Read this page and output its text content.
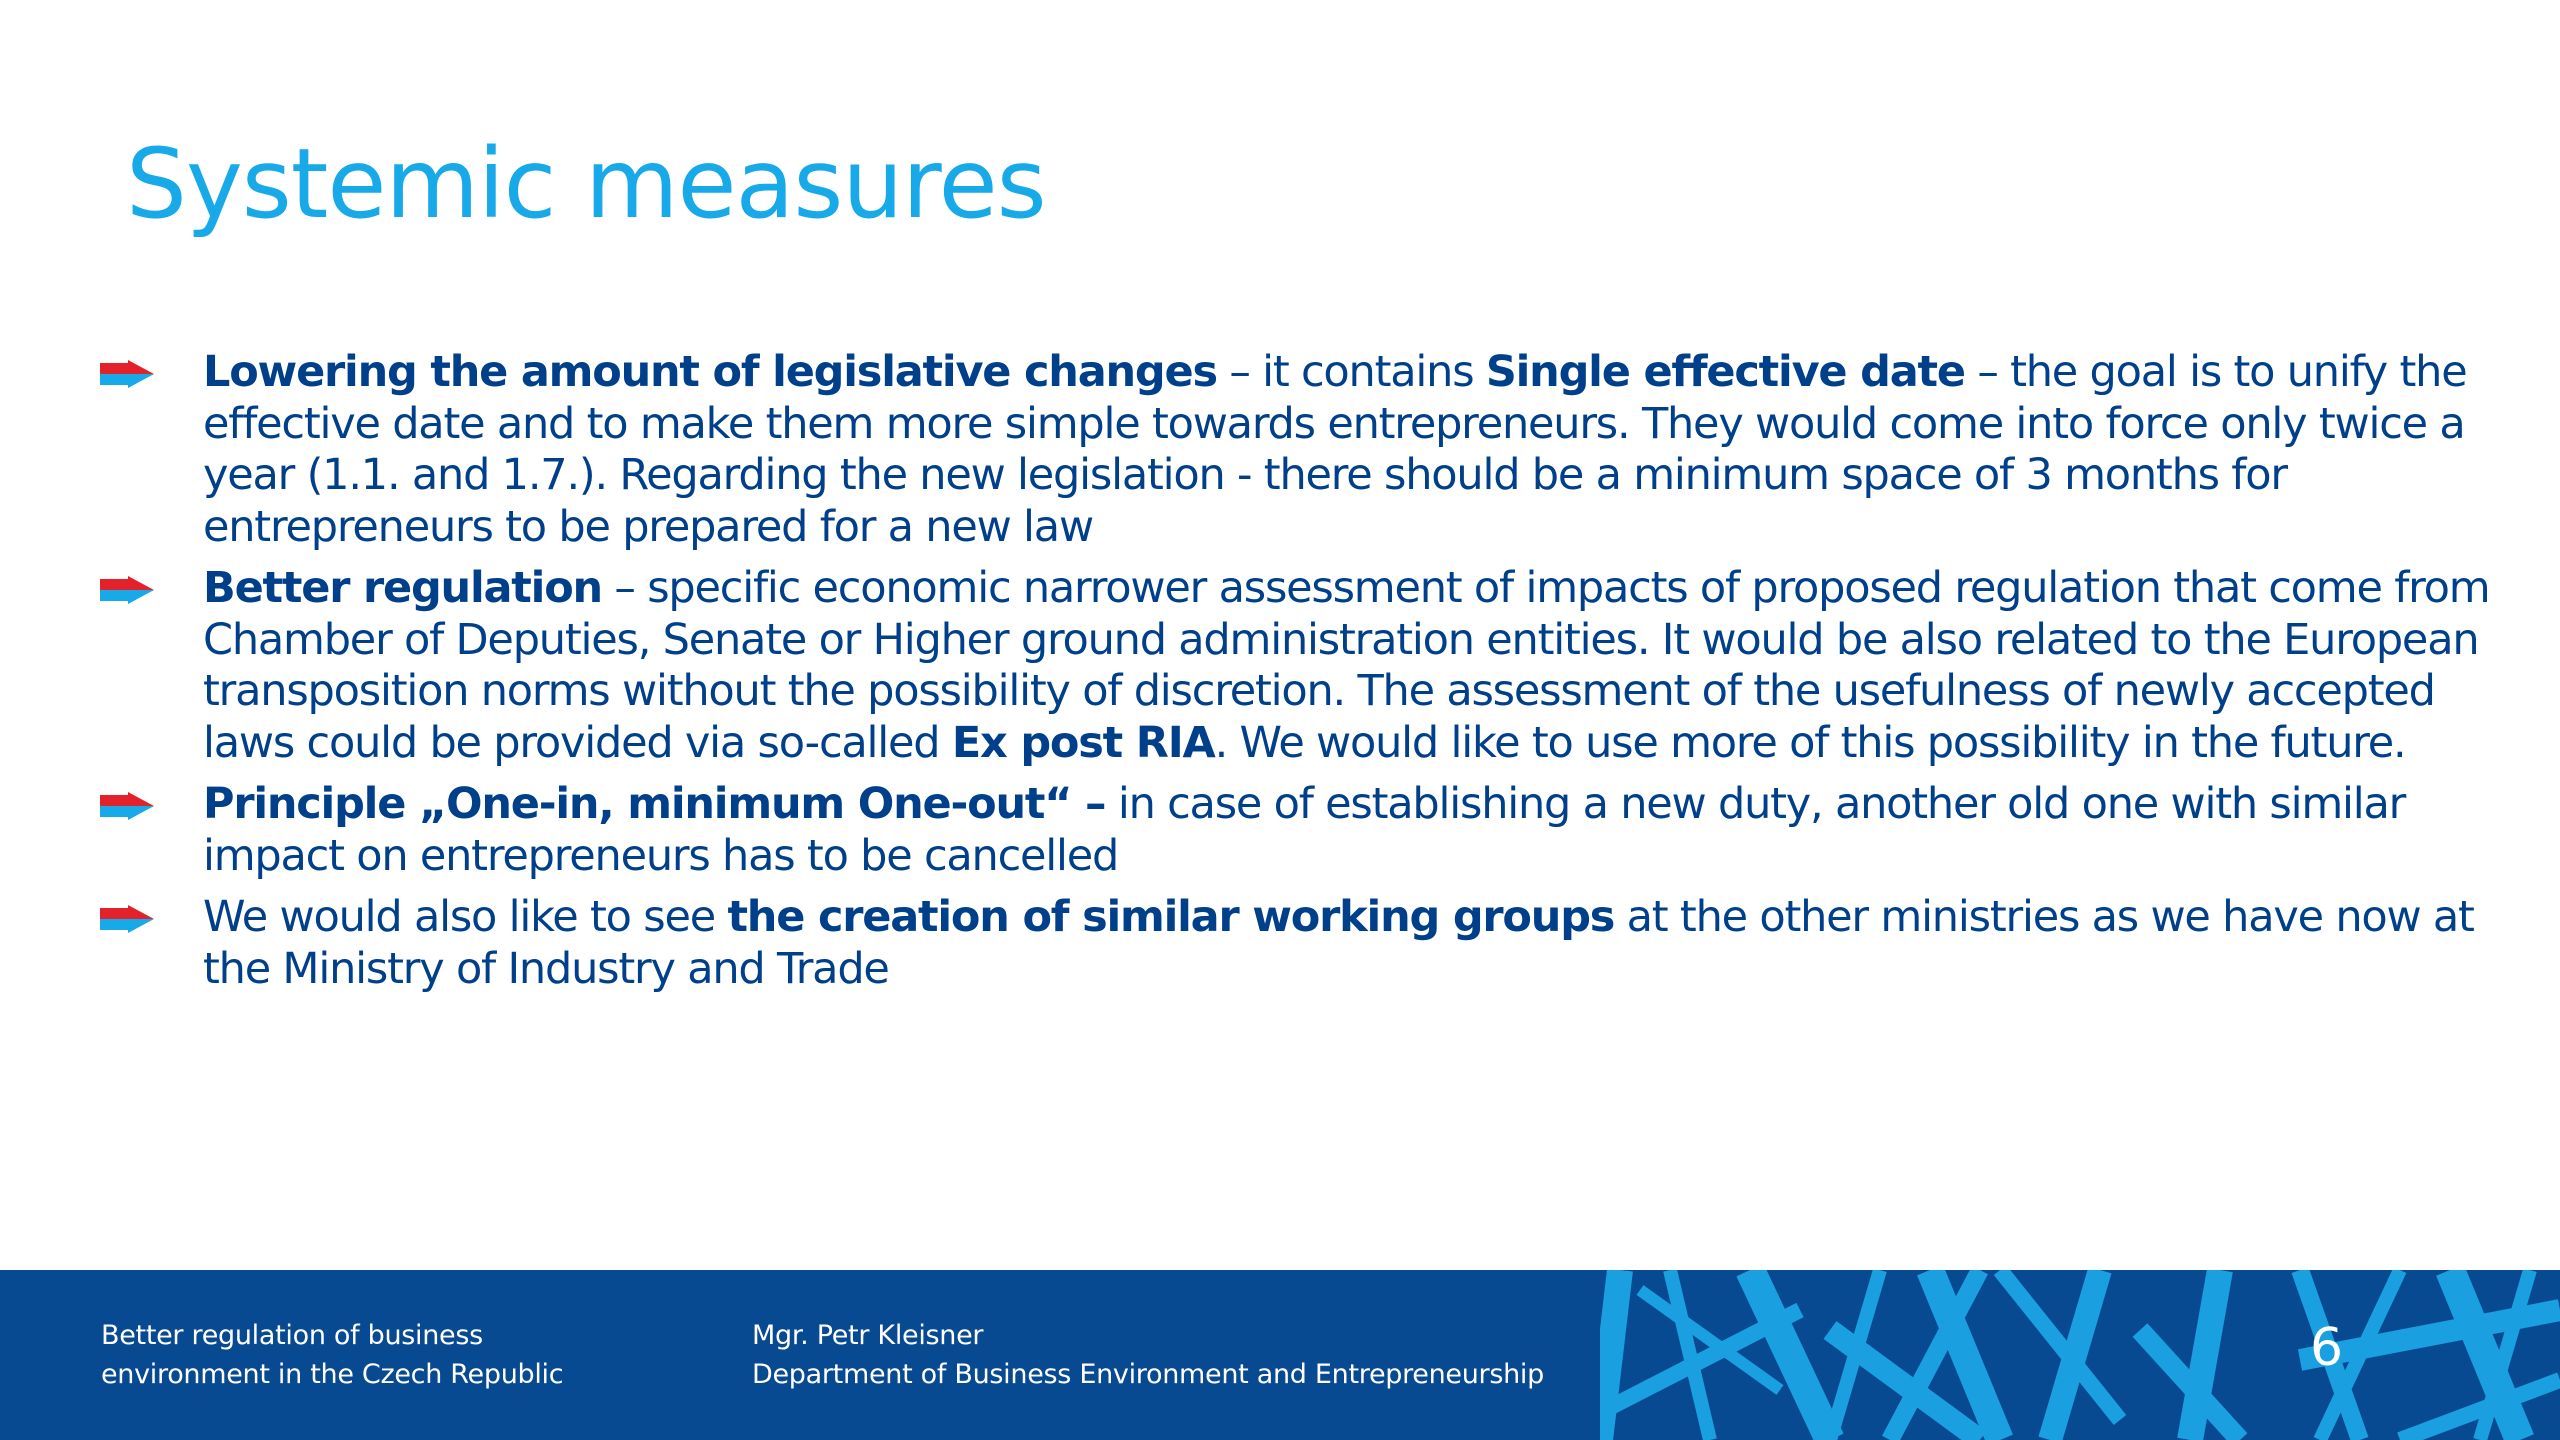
Systemic measures
Lowering the amount of legislative changes – it contains Single effective date – the goal is to unify the effective date and to make them more simple towards entrepreneurs. They would come into force only twice a year (1.1. and 1.7.). Regarding the new legislation - there should be a minimum space of 3 months for entrepreneurs to be prepared for a new law
Better regulation – specific economic narrower assessment of impacts of proposed regulation that come from Chamber of Deputies, Senate or Higher ground administration entities. It would be also related to the European transposition norms without the possibility of discretion. The assessment of the usefulness of newly accepted laws could be provided via so-called Ex post RIA. We would like to use more of this possibility in the future.
Principle „One-in, minimum One-out“ – in case of establishing a new duty, another old one with similar impact on entrepreneurs has to be cancelled
We would also like to see the creation of similar working groups at the other ministries as we have now at the Ministry of Industry and Trade
Better regulation of business
environment in the Czech Republic
Mgr. Petr Kleisner
Department of Business Environment and Entrepreneurship	6
